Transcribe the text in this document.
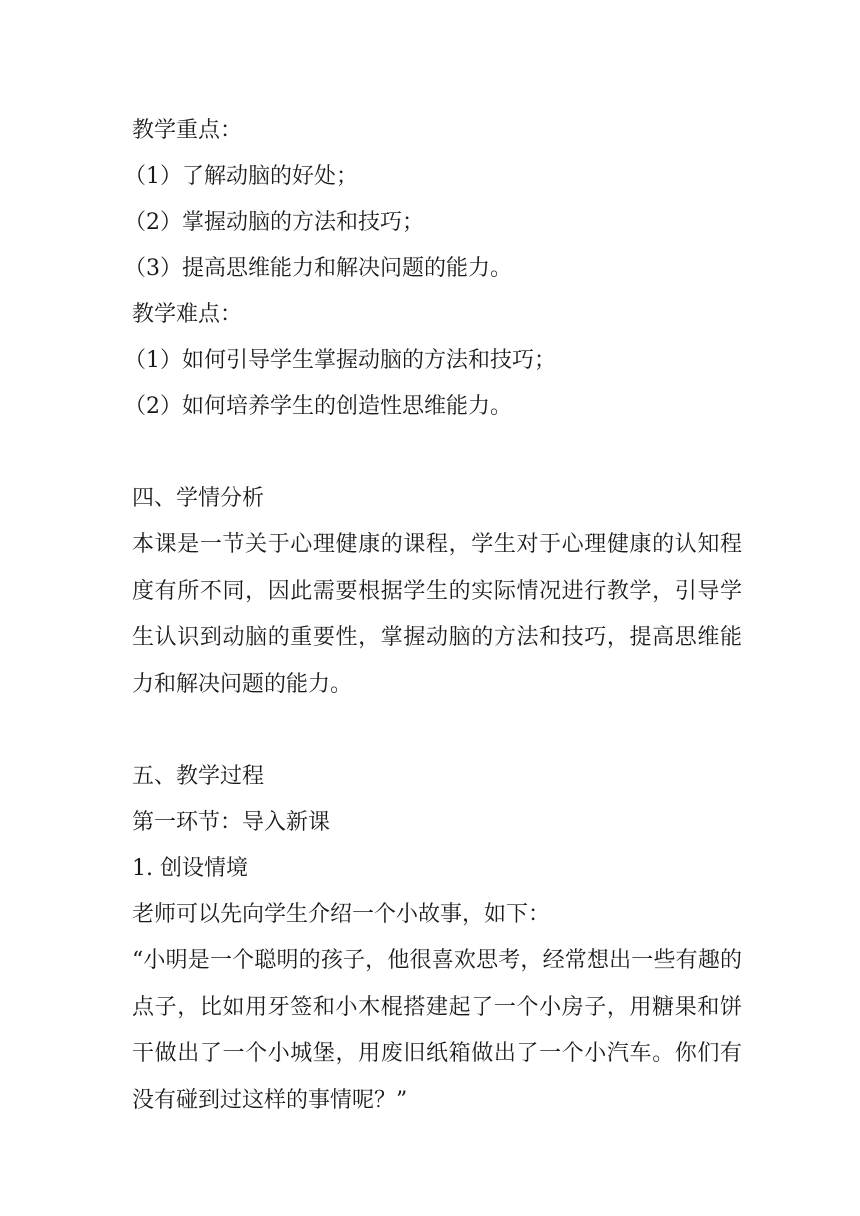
教学重点：
（1）了解动脑的好处；
（2）掌握动脑的方法和技巧；
（3）提高思维能力和解决问题的能力。
教学难点：
（1）如何引导学生掌握动脑的方法和技巧；
（2）如何培养学生的创造性思维能力。
四、学情分析
本课是一节关于心理健康的课程，学生对于心理健康的认知程度有所不同，因此需要根据学生的实际情况进行教学，引导学生认识到动脑的重要性，掌握动脑的方法和技巧，提高思维能力和解决问题的能力。
五、教学过程
第一环节：导入新课
1. 创设情境
老师可以先向学生介绍一个小故事，如下：
“小明是一个聪明的孩子，他很喜欢思考，经常想出一些有趣的点子，比如用牙签和小木棍搭建起了一个小房子，用糖果和饼干做出了一个小城堡，用废旧纸箱做出了一个小汽车。你们有没有碰到过这样的事情呢？”
